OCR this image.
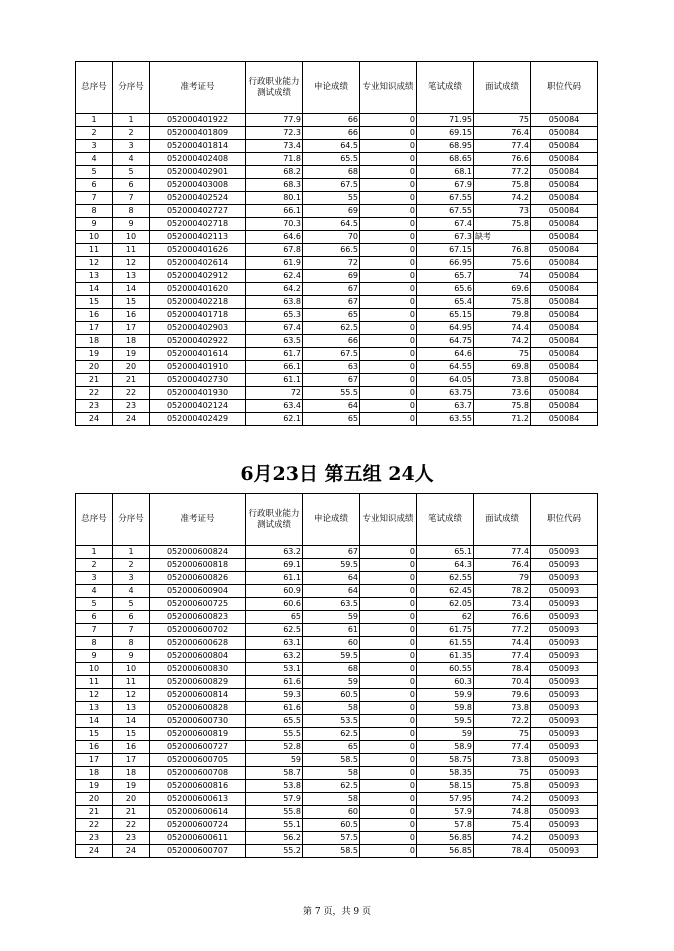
总序号	分序号	准考证号	行政职业能力测试成绩	申论成绩	专业知识成绩	笔试成绩	面试成绩	职位代码
1	1	052000401922	77.9	66	0	71.95	75	050084
2	2	052000401809	72.3	66	0	69.15	76.4	050084
3	3	052000401814	73.4	64.5	0	68.95	77.4	050084
4	4	052000402408	71.8	65.5	0	68.65	76.6	050084
5	5	052000402901	68.2	68	0	68.1	77.2	050084
6	6	052000403008	68.3	67.5	0	67.9	75.8	050084
7	7	052000402524	80.1	55	0	67.55	74.2	050084
8	8	052000402727	66.1	69	0	67.55	73	050084
9	9	052000402718	70.3	64.5	0	67.4	75.8	050084
10	10	052000402113	64.6	70	0	67.3	缺考	050084
11	11	052000401626	67.8	66.5	0	67.15	76.8	050084
12	12	052000402614	61.9	72	0	66.95	75.6	050084
13	13	052000402912	62.4	69	0	65.7	74	050084
14	14	052000401620	64.2	67	0	65.6	69.6	050084
15	15	052000402218	63.8	67	0	65.4	75.8	050084
16	16	052000401718	65.3	65	0	65.15	79.8	050084
17	17	052000402903	67.4	62.5	0	64.95	74.4	050084
18	18	052000402922	63.5	66	0	64.75	74.2	050084
19	19	052000401614	61.7	67.5	0	64.6	75	050084
20	20	052000401910	66.1	63	0	64.55	69.8	050084
21	21	052000402730	61.1	67	0	64.05	73.8	050084
22	22	052000401930	72	55.5	0	63.75	73.6	050084
23	23	052000402124	63.4	64	0	63.7	75.8	050084
24	24	052000402429	62.1	65	0	63.55	71.2	050084
6月23日 第五组 24人
总序号	分序号	准考证号	行政职业能力测试成绩	申论成绩	专业知识成绩	笔试成绩	面试成绩	职位代码
1	1	052000600824	63.2	67	0	65.1	77.4	050093
2	2	052000600818	69.1	59.5	0	64.3	76.4	050093
3	3	052000600826	61.1	64	0	62.55	79	050093
4	4	052000600904	60.9	64	0	62.45	78.2	050093
5	5	052000600725	60.6	63.5	0	62.05	73.4	050093
6	6	052000600823	65	59	0	62	76.6	050093
7	7	052000600702	62.5	61	0	61.75	77.2	050093
8	8	052000600628	63.1	60	0	61.55	74.4	050093
9	9	052000600804	63.2	59.5	0	61.35	77.4	050093
10	10	052000600830	53.1	68	0	60.55	78.4	050093
11	11	052000600829	61.6	59	0	60.3	70.4	050093
12	12	052000600814	59.3	60.5	0	59.9	79.6	050093
13	13	052000600828	61.6	58	0	59.8	73.8	050093
14	14	052000600730	65.5	53.5	0	59.5	72.2	050093
15	15	052000600819	55.5	62.5	0	59	75	050093
16	16	052000600727	52.8	65	0	58.9	77.4	050093
17	17	052000600705	59	58.5	0	58.75	73.8	050093
18	18	052000600708	58.7	58	0	58.35	75	050093
19	19	052000600816	53.8	62.5	0	58.15	75.8	050093
20	20	052000600613	57.9	58	0	57.95	74.2	050093
21	21	052000600614	55.8	60	0	57.9	74.8	050093
22	22	052000600724	55.1	60.5	0	57.8	75.4	050093
23	23	052000600611	56.2	57.5	0	56.85	74.2	050093
24	24	052000600707	55.2	58.5	0	56.85	78.4	050093
第 7 页，共 9 页
